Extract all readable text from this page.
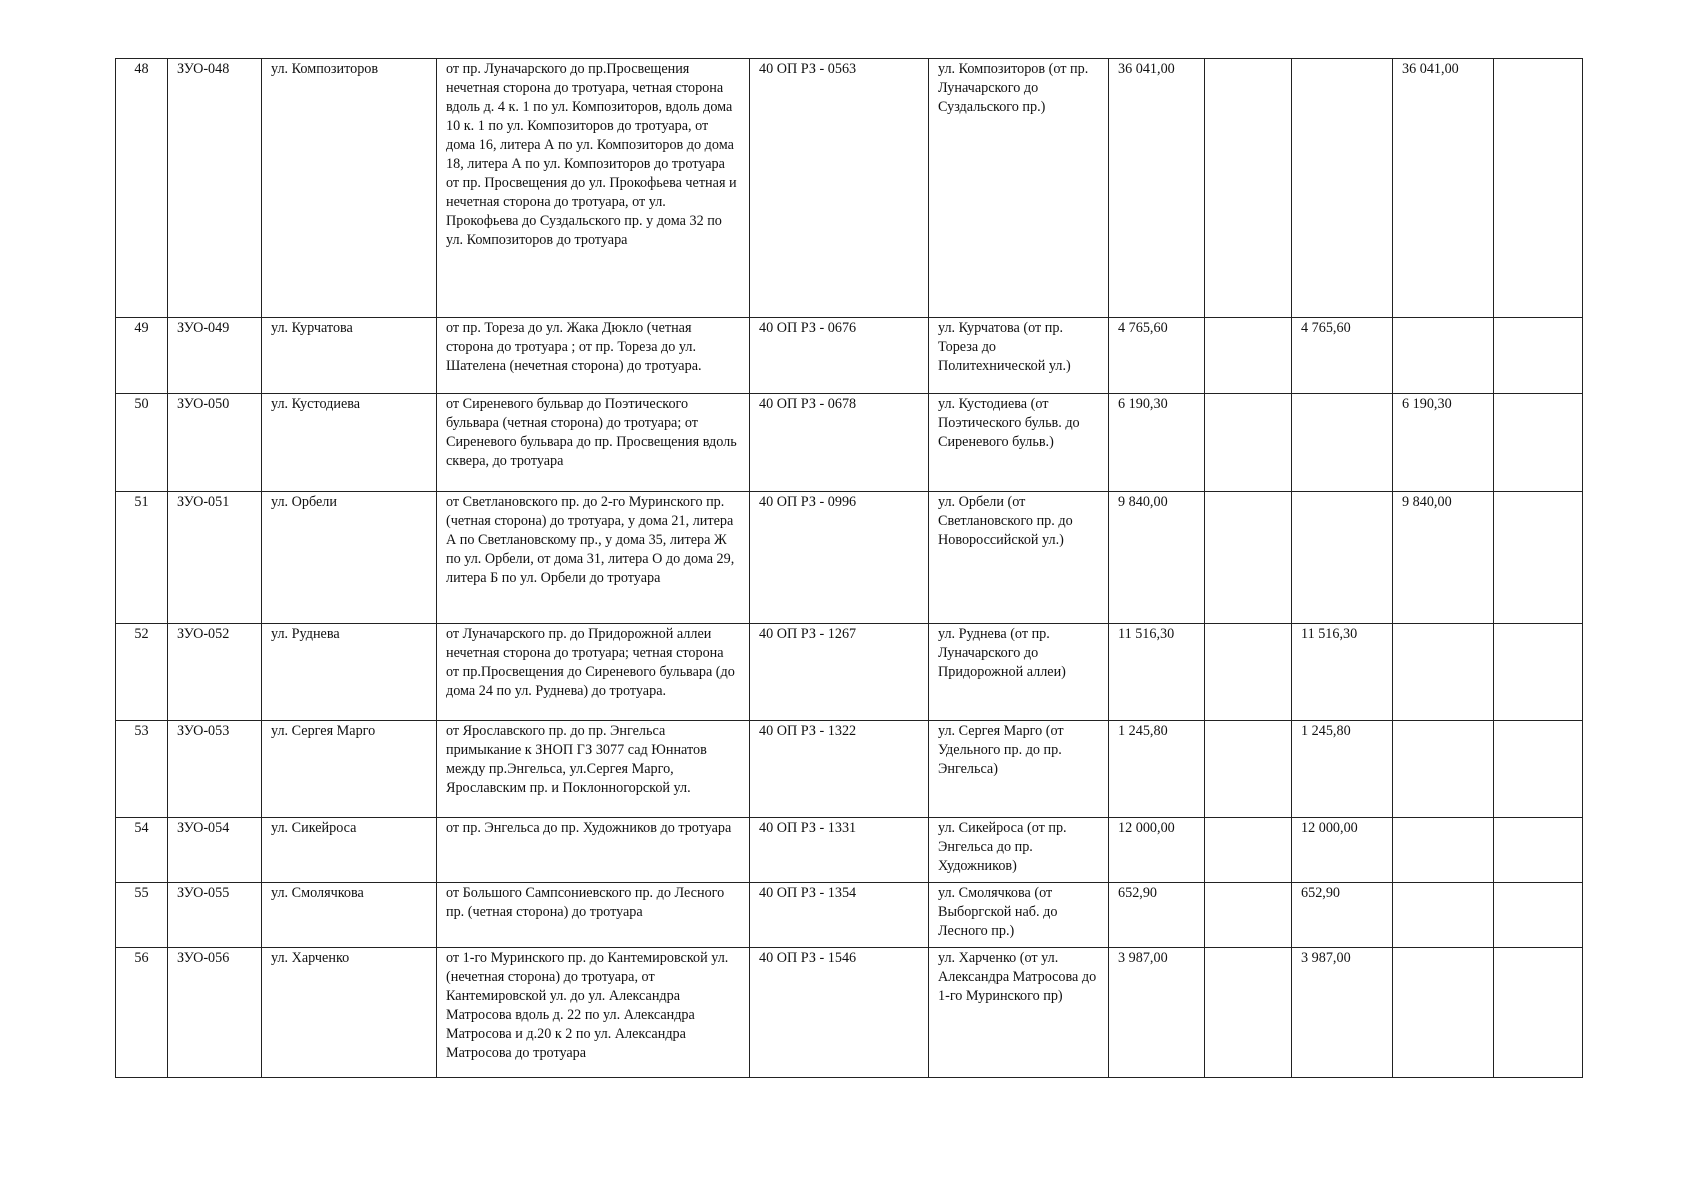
48	ЗУО-048	ул. Композиторов	от пр. Луначарского до пр.Просвещения нечетная сторона до тротуара, четная сторона вдоль д. 4 к. 1 по ул. Композиторов, вдоль дома 10 к. 1 по ул. Композиторов до тротуара, от дома 16, литера А по ул. Композиторов до дома 18, литера А по ул. Композиторов до тротуара от пр. Просвещения до ул. Прокофьева четная и нечетная сторона до тротуара, от ул. Прокофьева до Суздальского пр. у дома 32 по ул. Композиторов до тротуара	40 ОП РЗ - 0563	ул. Композиторов (от пр. Луначарского до Суздальского пр.)	36 041,00			36 041,00	
49	ЗУО-049	ул. Курчатова	от пр. Тореза до ул. Жака Дюкло (четная сторона до тротуара ; от пр. Тореза до ул. Шателена (нечетная сторона) до тротуара.	40 ОП РЗ - 0676	ул. Курчатова (от пр. Тореза до Политехнической ул.)	4 765,60		4 765,60		
50	ЗУО-050	ул. Кустодиева	от Сиреневого бульвар до Поэтического бульвара (четная сторона) до тротуара; от Сиреневого бульвара до пр. Просвещения вдоль сквера, до тротуара	40 ОП РЗ - 0678	ул. Кустодиева (от Поэтического бульв. до Сиреневого бульв.)	6 190,30			6 190,30	
51	ЗУО-051	ул. Орбели	от Светлановского пр. до 2-го Муринского пр. (четная сторона) до тротуара, у дома 21, литера А по Светлановскому пр., у дома 35, литера Ж по ул. Орбели, от дома 31, литера О до дома 29, литера Б по ул. Орбели до тротуара	40 ОП РЗ - 0996	ул. Орбели (от Светлановского пр. до Новороссийской ул.)	9 840,00			9 840,00	
52	ЗУО-052	ул. Руднева	от Луначарского пр. до Придорожной аллеи нечетная сторона до тротуара; четная сторона от пр.Просвещения до Сиреневого бульвара (до дома 24 по ул. Руднева) до тротуара.	40 ОП РЗ - 1267	ул. Руднева (от пр. Луначарского до Придорожной аллеи)	11 516,30		11 516,30		
53	ЗУО-053	ул. Сергея Марго	от Ярославского пр. до пр. Энгельса примыкание к ЗНОП ГЗ 3077 сад Юннатов между пр.Энгельса, ул.Сергея Марго, Ярославским пр. и Поклонногорской ул.	40 ОП РЗ - 1322	ул. Сергея Марго (от Удельного пр. до пр. Энгельса)	1 245,80		1 245,80		
54	ЗУО-054	ул. Сикейроса	от пр. Энгельса до пр. Художников до тротуара	40 ОП РЗ - 1331	ул. Сикейроса (от пр. Энгельса до пр. Художников)	12 000,00		12 000,00		
55	ЗУО-055	ул. Смолячкова	от Большого Сампсониевского пр. до Лесного пр. (четная сторона) до тротуара	40 ОП РЗ - 1354	ул. Смолячкова (от Выборгской наб. до Лесного пр.)	652,90		652,90		
56	ЗУО-056	ул. Харченко	от 1-го Муринского пр. до Кантемировской ул. (нечетная сторона) до тротуара, от Кантемировской ул. до ул. Александра Матросова вдоль д. 22 по ул. Александра Матросова и д.20 к 2 по ул. Александра Матросова до тротуара	40 ОП РЗ - 1546	ул. Харченко (от ул. Александра Матросова до 1-го Муринского пр)	3 987,00		3 987,00		
